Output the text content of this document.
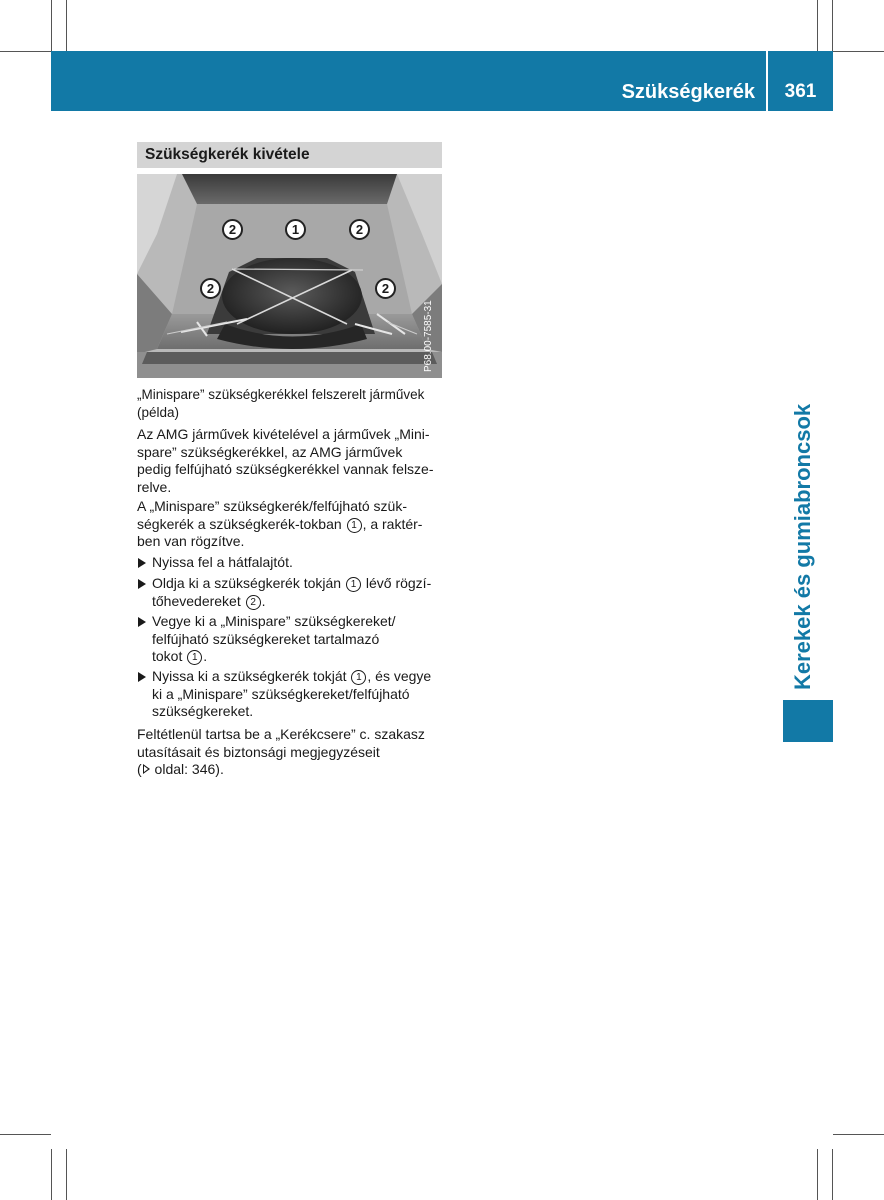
Szükségkerék	361
Kerekek és gumiabroncsok
Szükségkerék kivétele
2	1	2
2	2
P68.00-7585-31
„Minispare” szükségkerékkel felszerelt járművek
(példa)
Az AMG járművek kivételével a járművek „Mini-
spare” szükségkerékkel, az AMG járművek
pedig felfújható szükségkerékkel vannak felsze-
relve.
A „Minispare” szükségkerék/felfújható szük-
ségkerék a szükségkerék-tokban 1 , a raktér-
ben van rögzítve.
Nyissa fel a hátfalajtót.
Oldja ki a szükségkerék tokján 1 lévő rögzí-
tőhevedereket 2 .
Vegye ki a „Minispare” szükségkereket/
felfújható szükségkereket tartalmazó
tokot 1 .
Nyissa ki a szükségkerék tokját 1 , és vegye
ki a „Minispare” szükségkereket/felfújható
szükségkereket.
Feltétlenül tartsa be a „Kerékcsere” c. szakasz
utasításait és biztonsági megjegyzéseit
( oldal: 346).
